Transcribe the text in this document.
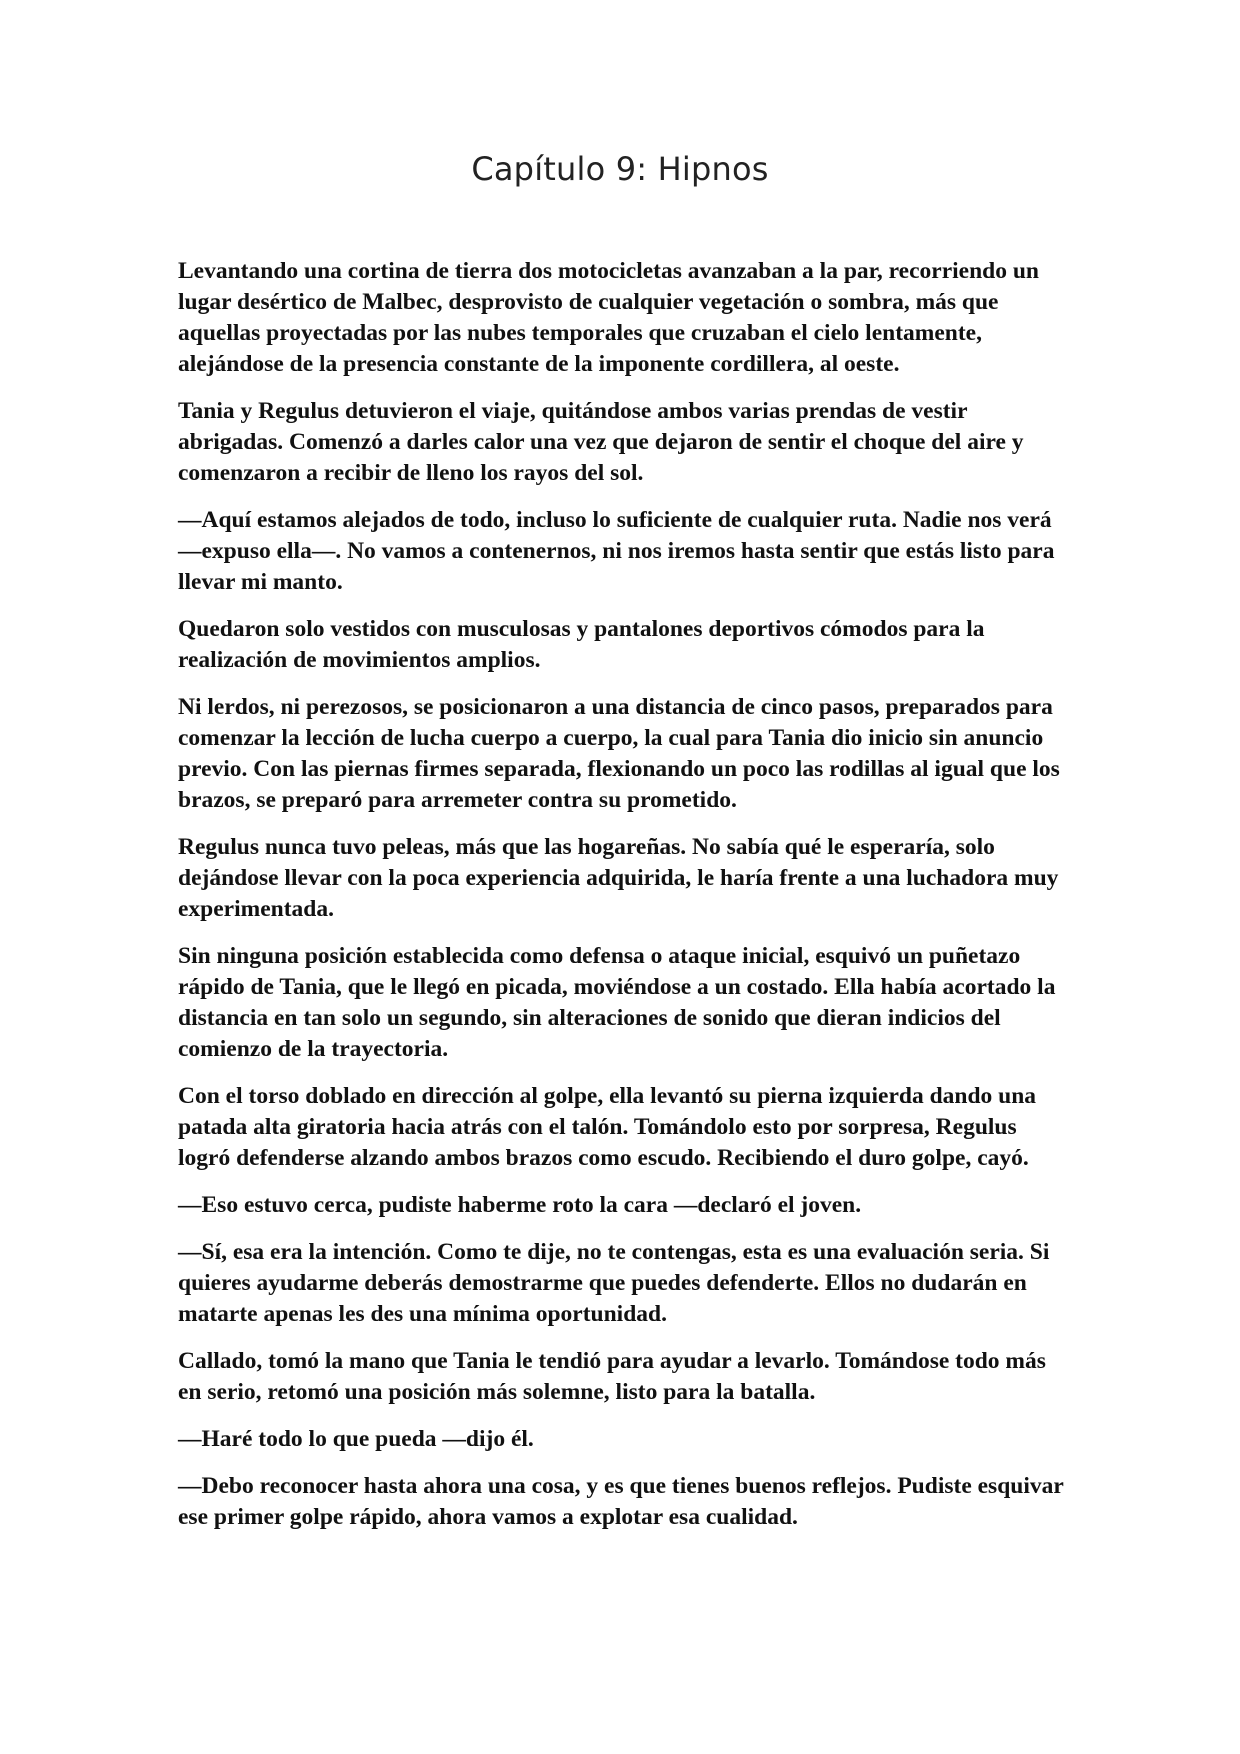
Capítulo 9: Hipnos

Levantando una cortina de tierra dos motocicletas avanzaban a la par, recorriendo un lugar desértico de Malbec, desprovisto de cualquier vegetación o sombra, más que aquellas proyectadas por las nubes temporales que cruzaban el cielo lentamente, alejándose de la presencia constante de la imponente cordillera, al oeste.

Tania y Regulus detuvieron el viaje, quitándose ambos varias prendas de vestir abrigadas. Comenzó a darles calor una vez que dejaron de sentir el choque del aire y comenzaron a recibir de lleno los rayos del sol.

—Aquí estamos alejados de todo, incluso lo suficiente de cualquier ruta. Nadie nos verá —expuso ella—. No vamos a contenernos, ni nos iremos hasta sentir que estás listo para llevar mi manto.

Quedaron solo vestidos con musculosas y pantalones deportivos cómodos para la realización de movimientos amplios.

Ni lerdos, ni perezosos, se posicionaron a una distancia de cinco pasos, preparados para comenzar la lección de lucha cuerpo a cuerpo, la cual para Tania dio inicio sin anuncio previo. Con las piernas firmes separada, flexionando un poco las rodillas al igual que los brazos, se preparó para arremeter contra su prometido.

Regulus nunca tuvo peleas, más que las hogareñas. No sabía qué le esperaría, solo dejándose llevar con la poca experiencia adquirida, le haría frente a una luchadora muy experimentada.

Sin ninguna posición establecida como defensa o ataque inicial, esquivó un puñetazo rápido de Tania, que le llegó en picada, moviéndose a un costado. Ella había acortado la distancia en tan solo un segundo, sin alteraciones de sonido que dieran indicios del comienzo de la trayectoria.

Con el torso doblado en dirección al golpe, ella levantó su pierna izquierda dando una patada alta giratoria hacia atrás con el talón. Tomándolo esto por sorpresa, Regulus logró defenderse alzando ambos brazos como escudo. Recibiendo el duro golpe, cayó.

—Eso estuvo cerca, pudiste haberme roto la cara —declaró el joven.

—Sí, esa era la intención. Como te dije, no te contengas, esta es una evaluación seria. Si quieres ayudarme deberás demostrarme que puedes defenderte. Ellos no dudarán en matarte apenas les des una mínima oportunidad.

Callado, tomó la mano que Tania le tendió para ayudar a levarlo. Tomándose todo más en serio, retomó una posición más solemne, listo para la batalla.

—Haré todo lo que pueda —dijo él.

—Debo reconocer hasta ahora una cosa, y es que tienes buenos reflejos. Pudiste esquivar ese primer golpe rápido, ahora vamos a explotar esa cualidad.
